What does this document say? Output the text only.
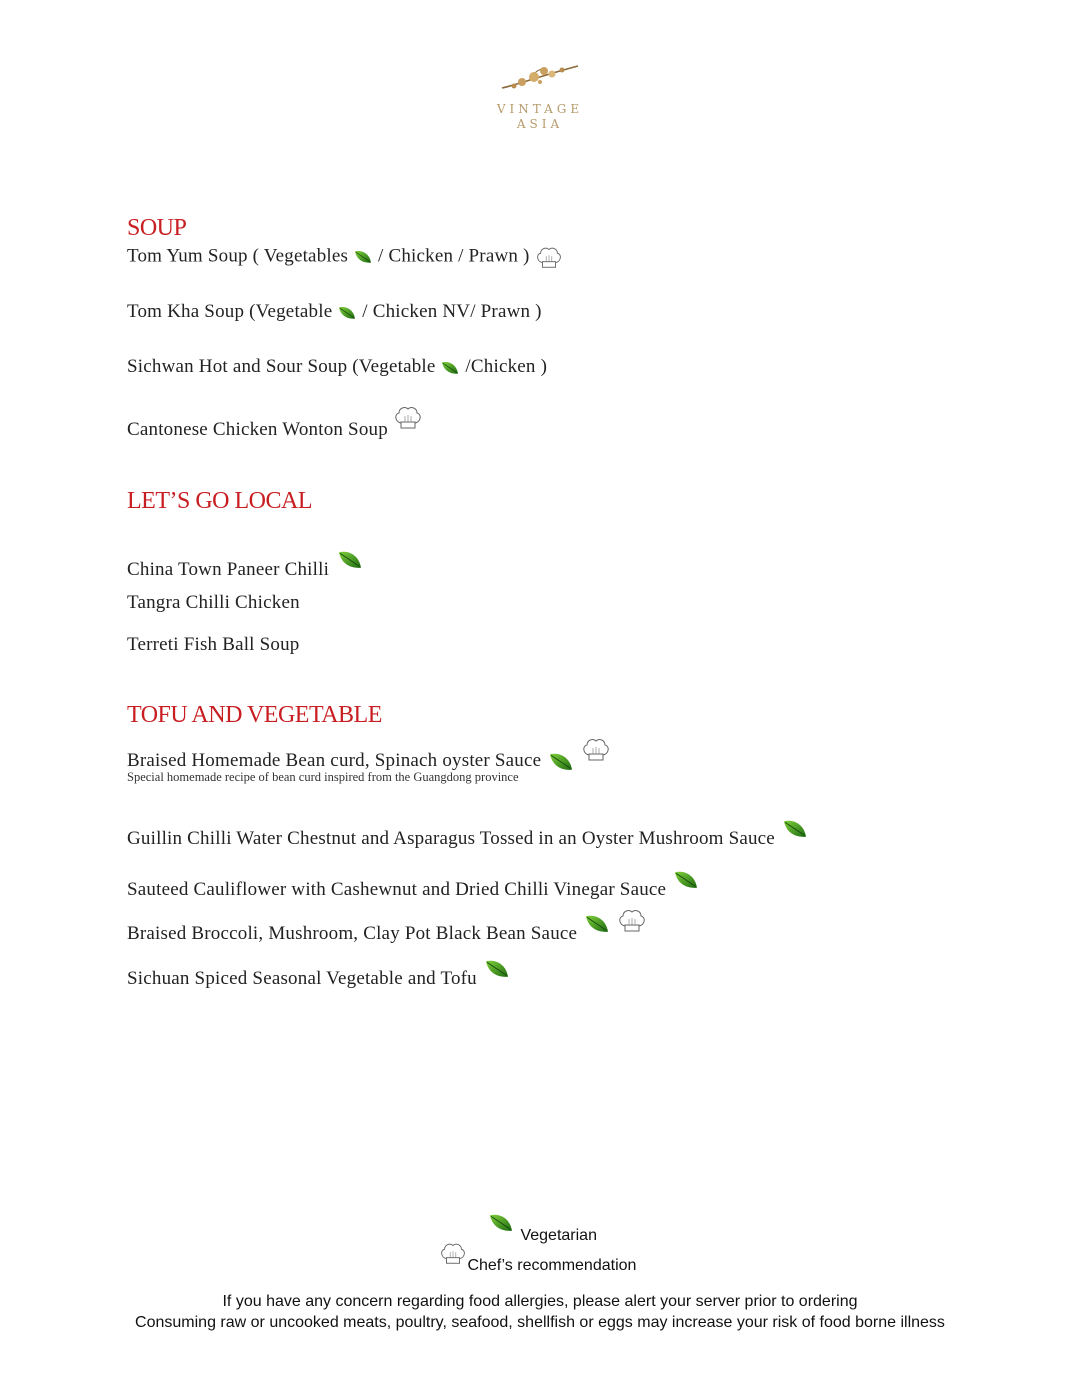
VINTAGE
ASIA
SOUP
Tom Yum Soup ( Vegetables / Chicken / Prawn )
Tom Kha Soup (Vegetable / Chicken NV/ Prawn )
Sichwan Hot and Sour Soup (Vegetable /Chicken )
Cantonese Chicken Wonton Soup
LET’S GO LOCAL
China Town Paneer Chilli
Tangra Chilli Chicken
Terreti Fish Ball Soup
TOFU AND VEGETABLE
Braised Homemade Bean curd, Spinach oyster Sauce
Special homemade recipe of bean curd inspired from the Guangdong province
Guillin Chilli Water Chestnut and Asparagus Tossed in an Oyster Mushroom Sauce
Sauteed Cauliflower with Cashewnut and Dried Chilli Vinegar Sauce
Braised Broccoli, Mushroom, Clay Pot Black Bean Sauce
Sichuan Spiced Seasonal Vegetable and Tofu
Vegetarian
Chef’s recommendation
If you have any concern regarding food allergies, please alert your server prior to ordering
Consuming raw or uncooked meats, poultry, seafood, shellfish or eggs may increase your risk of food borne illness
